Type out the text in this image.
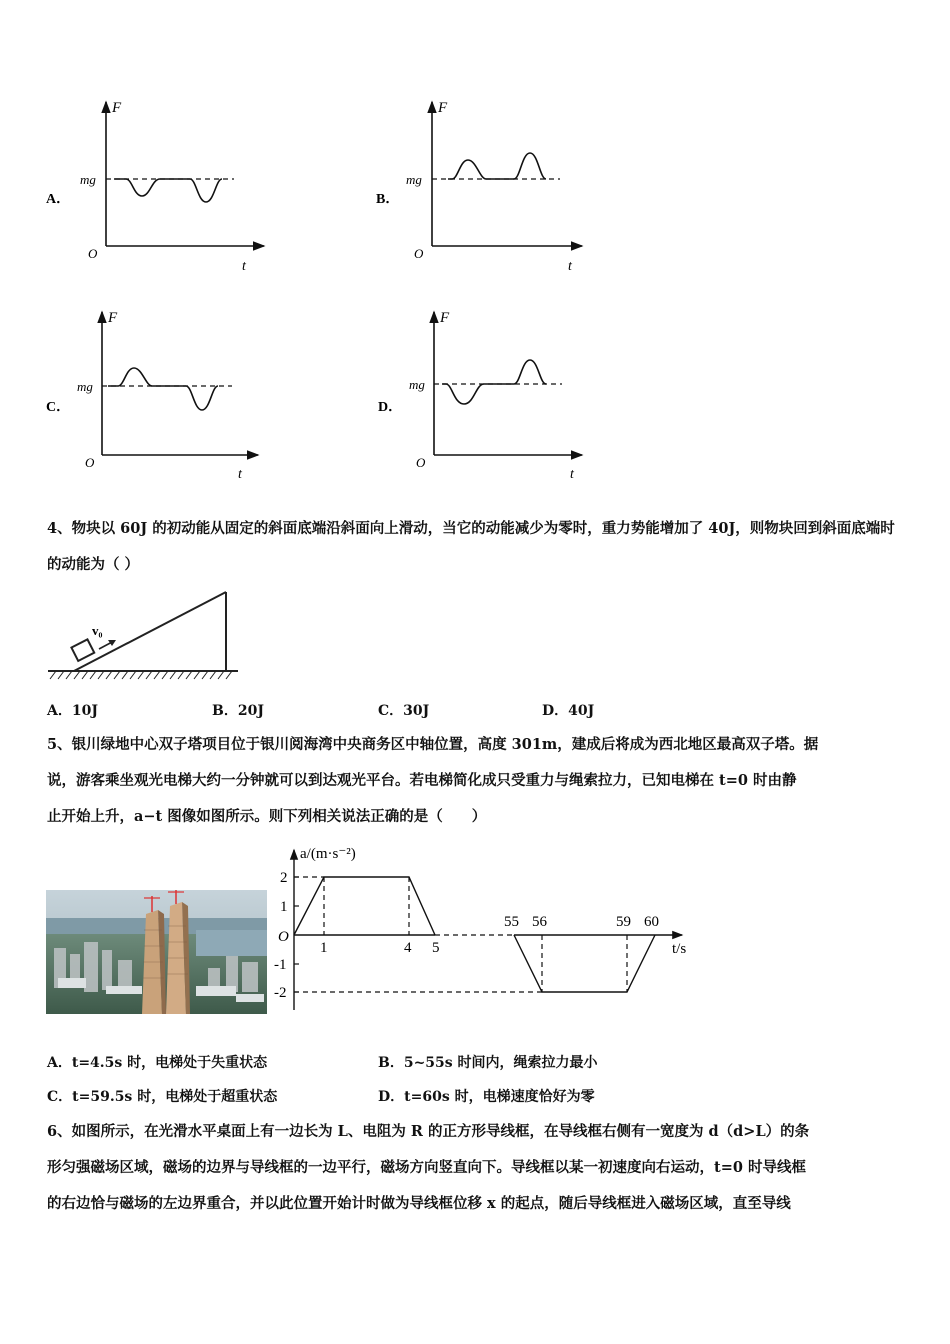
F
mg
O
t
A．
F
mg
O
t
B．
F
mg
O
t
C．
F
mg
O
t
D．
4、物块以 60J 的初动能从固定的斜面底端沿斜面向上滑动，当它的动能减少为零时，重力势能增加了 40J，则物块回到斜面底端时的动能为（ ）
v₀
A．10J	B．20J	C．30J	D．40J
5、银川绿地中心双子塔项目位于银川阅海湾中央商务区中轴位置，高度 301m，建成后将成为西北地区最高双子塔。据
说，游客乘坐观光电梯大约一分钟就可以到达观光平台。若电梯简化成只受重力与绳索拉力，已知电梯在 t=0 时由静
止开始上升，a−t 图像如图所示。则下列相关说法正确的是（　　）
a/(m·s⁻²)
t/s
O
2
1
-1
-2
1	4 5
55 56	59 60
A．t=4.5s 时，电梯处于失重状态	B．5~55s 时间内，绳索拉力最小
C．t=59.5s 时，电梯处于超重状态	D．t=60s 时，电梯速度恰好为零
6、如图所示，在光滑水平桌面上有一边长为 L、电阻为 R 的正方形导线框，在导线框右侧有一宽度为 d（d>L）的条
形匀强磁场区域，磁场的边界与导线框的一边平行，磁场方向竖直向下。导线框以某一初速度向右运动，t=0 时导线框
的右边恰与磁场的左边界重合，并以此位置开始计时做为导线框位移 x 的起点，随后导线框进入磁场区域，直至导线
